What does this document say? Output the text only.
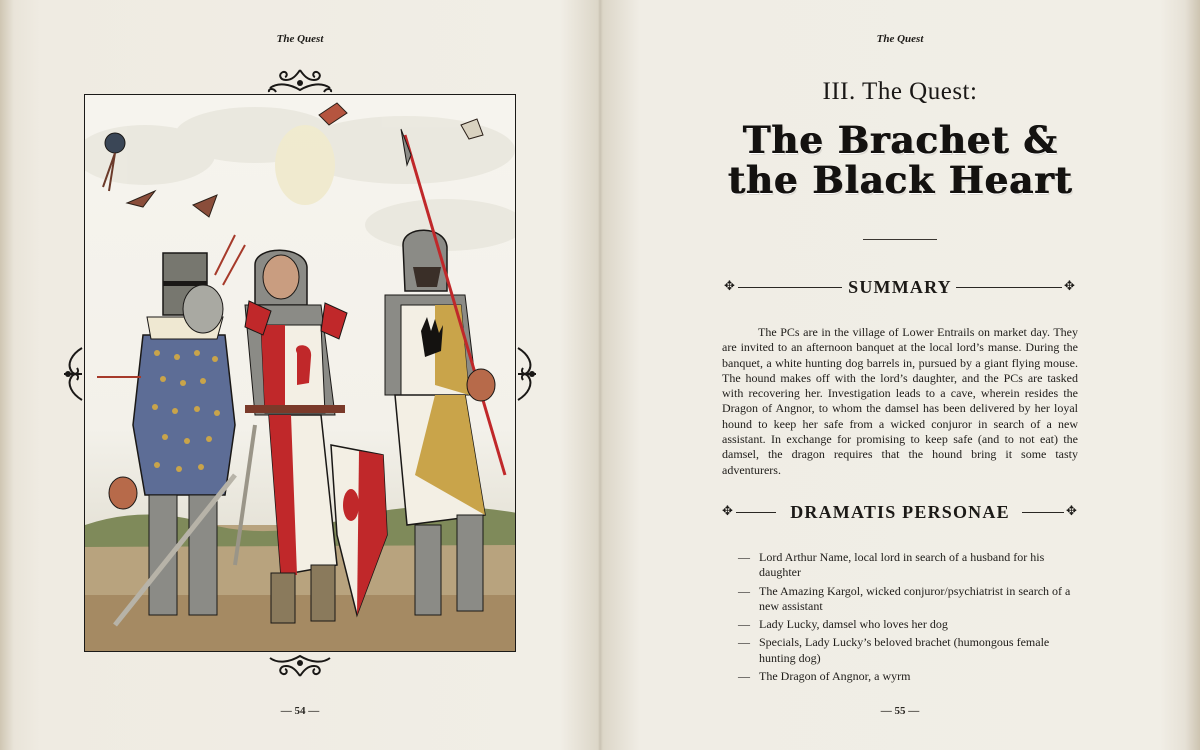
The Quest
— 54 —
The Quest
III. The Quest:
The Brachet &
the Black Heart
✥	SUMMARY	✥

The PCs are in the village of Lower Entrails on market day. They are invited to an afternoon banquet at the local lord’s manse. During the banquet, a white hunting dog barrels in, pursued by a giant flying mouse. The hound makes off with the lord’s daughter, and the PCs are tasked with recovering her. Investigation leads to a cave, wherein resides the Dragon of Angnor, to whom the damsel has been delivered by her loyal hound to keep her safe from a wicked conjuror in search of a new assistant. In exchange for promising to keep safe (and to not eat) the damsel, the dragon requires that the hound bring it some tasty adventurers.

✥	DRAMATIS PERSONAE	✥
— Lord Arthur Name, local lord in search of a husband for his daughter
— The Amazing Kargol, wicked conjuror/psychiatrist in search of a new assistant
— Lady Lucky, damsel who loves her dog
— Specials, Lady Lucky’s beloved brachet (humongous female hunting dog)
— The Dragon of Angnor, a wyrm
— 55 —
